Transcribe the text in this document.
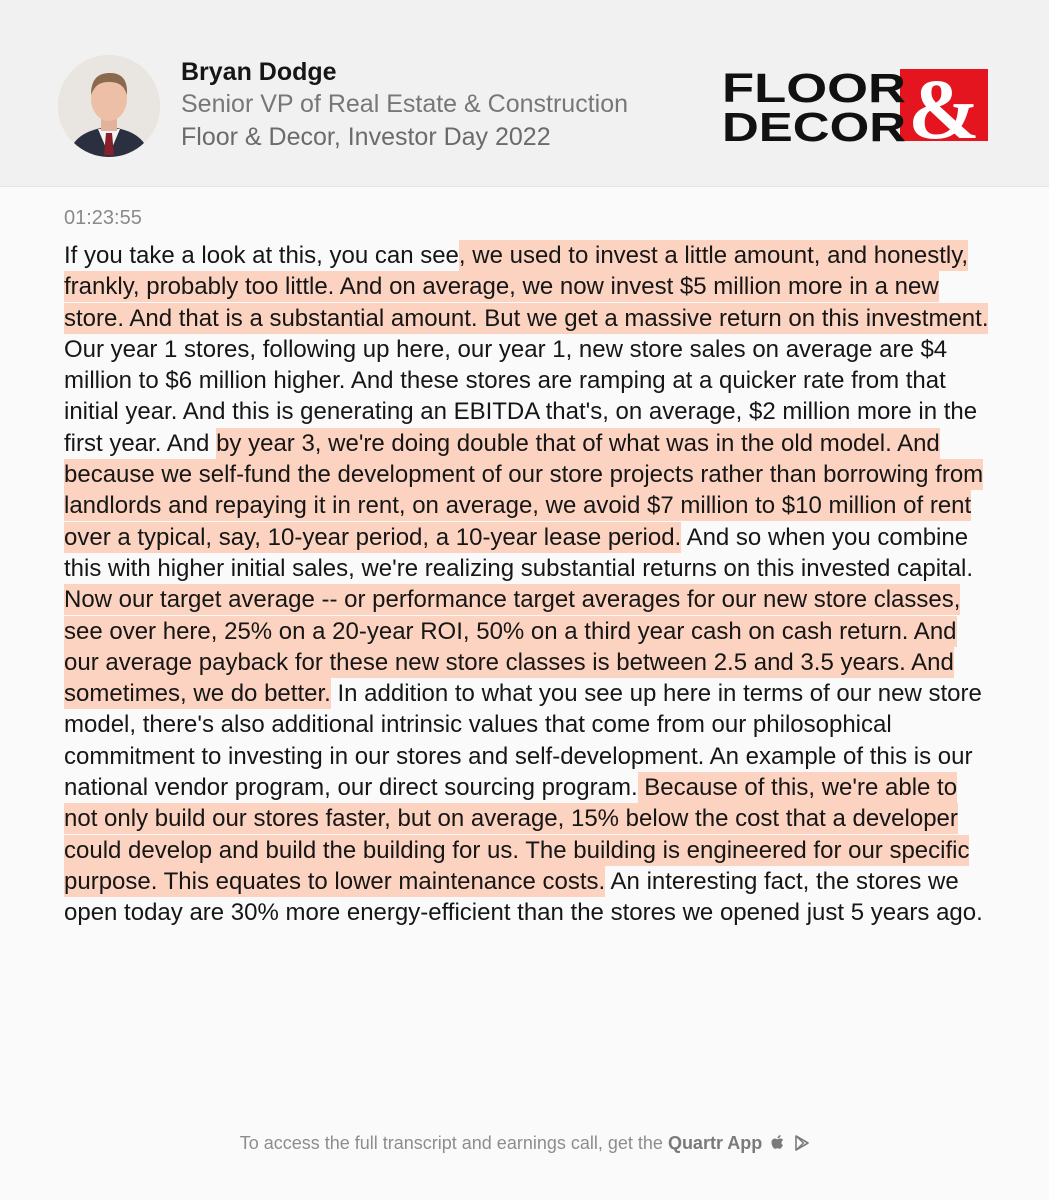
Bryan Dodge
Senior VP of Real Estate & Construction
Floor & Decor, Investor Day 2022
FLOOR
DECOR &
01:23:55
If you take a look at this, you can see, we used to invest a little amount, and honestly, frankly, probably too little. And on average, we now invest $5 million more in a new store. And that is a substantial amount. But we get a massive return on this investment. Our year 1 stores, following up here, our year 1, new store sales on average are $4 million to $6 million higher. And these stores are ramping at a quicker rate from that initial year. And this is generating an EBITDA that's, on average, $2 million more in the first year. And by year 3, we're doing double that of what was in the old model. And because we self-fund the development of our store projects rather than borrowing from landlords and repaying it in rent, on average, we avoid $7 million to $10 million of rent over a typical, say, 10-year period, a 10-year lease period. And so when you combine this with higher initial sales, we're realizing substantial returns on this invested capital. Now our target average -- or performance target averages for our new store classes, see over here, 25% on a 20-year ROI, 50% on a third year cash on cash return. And our average payback for these new store classes is between 2.5 and 3.5 years. And sometimes, we do better. In addition to what you see up here in terms of our new store model, there's also additional intrinsic values that come from our philosophical commitment to investing in our stores and self-development. An example of this is our national vendor program, our direct sourcing program. Because of this, we're able to not only build our stores faster, but on average, 15% below the cost that a developer could develop and build the building for us. The building is engineered for our specific purpose. This equates to lower maintenance costs. An interesting fact, the stores we open today are 30% more energy-efficient than the stores we opened just 5 years ago.
To access the full transcript and earnings call, get the Quartr App
